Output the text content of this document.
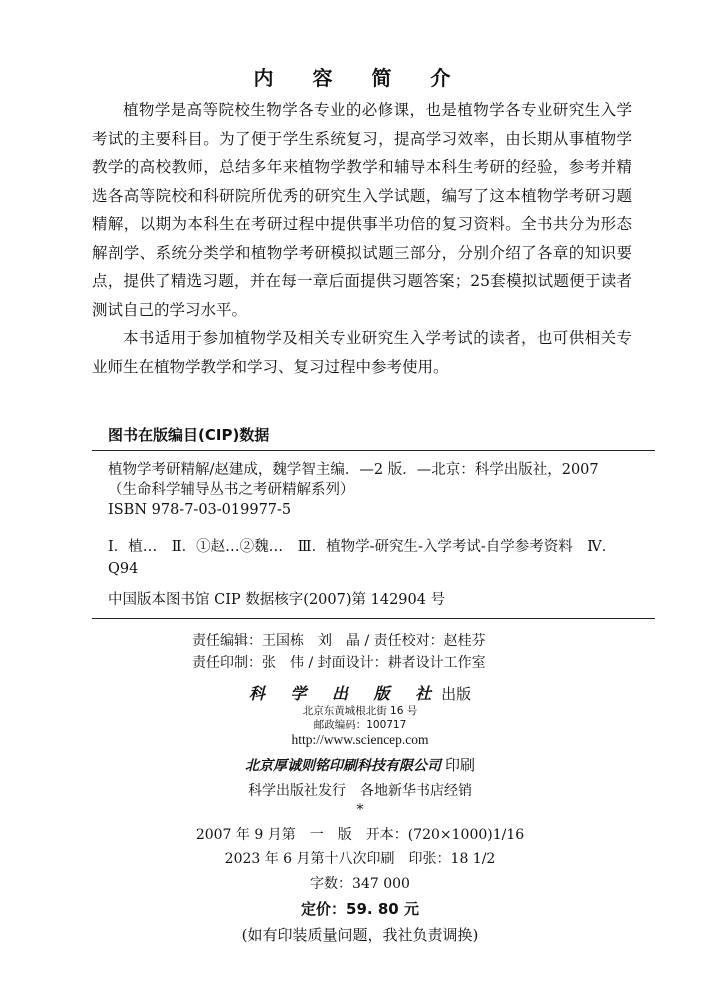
内 容 简 介

植物学是高等院校生物学各专业的必修课，也是植物学各专业研究生入学考试的主要科目。为了便于学生系统复习，提高学习效率，由长期从事植物学教学的高校教师，总结多年来植物学教学和辅导本科生考研的经验，参考并精选各高等院校和科研院所优秀的研究生入学试题，编写了这本植物学考研习题精解，以期为本科生在考研过程中提供事半功倍的复习资料。全书共分为形态解剖学、系统分类学和植物学考研模拟试题三部分，分别介绍了各章的知识要点，提供了精选习题，并在每一章后面提供习题答案；25套模拟试题便于读者测试自己的学习水平。

本书适用于参加植物学及相关专业研究生入学考试的读者，也可供相关专业师生在植物学教学和学习、复习过程中参考使用。

图书在版编目(CIP)数据
植物学考研精解/赵建成，魏学智主编．—2 版．—北京：科学出版社，2007
（生命科学辅导丛书之考研精解系列）
ISBN 978-7-03-019977-5
Ⅰ．植…　Ⅱ．①赵…②魏…　Ⅲ．植物学-研究生-入学考试-自学参考资料　Ⅳ．Q94
中国版本图书馆 CIP 数据核字(2007)第 142904 号
责任编辑：王国栋　刘　晶 / 责任校对：赵桂芬
责任印制：张　伟 / 封面设计：耕者设计工作室
科 学 出 版 社出版
北京东黄城根北街 16 号
邮政编码：100717
http://www.sciencep.com
北京厚诚则铭印刷科技有限公司 印刷
科学出版社发行　各地新华书店经销
*
2007 年 9 月第　一　版　开本：(720×1000)1/16
2023 年 6 月第十八次印刷　印张：18 1/2
字数：347 000
定价：59. 80 元
(如有印装质量问题，我社负责调换)
